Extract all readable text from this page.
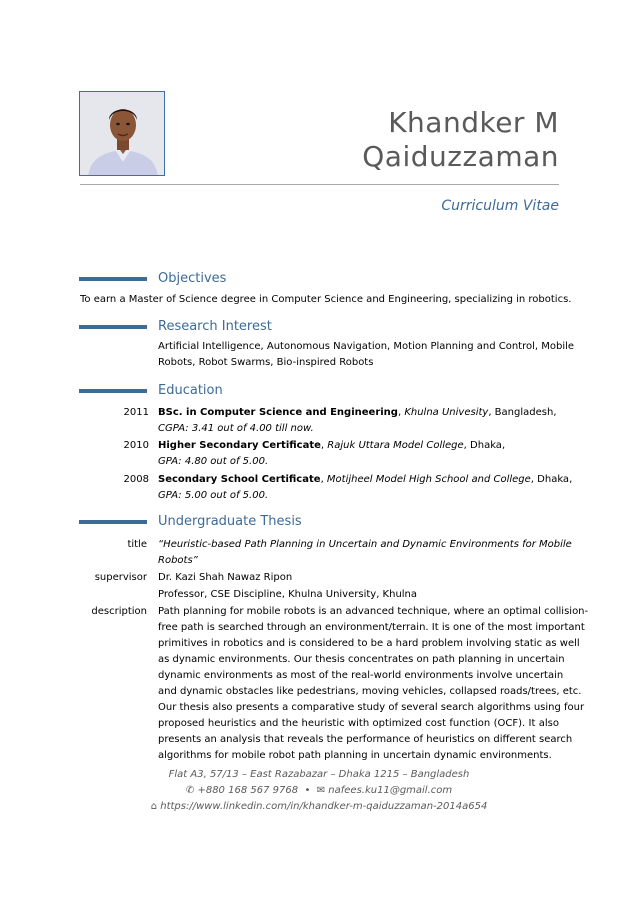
Khandker M
Qaiduzzaman
Curriculum Vitae
Objectives
To earn a Master of Science degree in Computer Science and Engineering, specializing in robotics.
Research Interest
Artificial Intelligence, Autonomous Navigation, Motion Planning and Control, Mobile
Robots, Robot Swarms, Bio-inspired Robots
Education
2011 BSc. in Computer Science and Engineering, Khulna Univesity, Bangladesh,
CGPA: 3.41 out of 4.00 till now.
2010 Higher Secondary Certificate, Rajuk Uttara Model College, Dhaka,
GPA: 4.80 out of 5.00.
2008 Secondary School Certificate, Motijheel Model High School and College, Dhaka,
GPA: 5.00 out of 5.00.
Undergraduate Thesis
title “Heuristic-based Path Planning in Uncertain and Dynamic Environments for Mobile
Robots”
supervisor Dr. Kazi Shah Nawaz Ripon
Professor, CSE Discipline, Khulna University, Khulna
description Path planning for mobile robots is an advanced technique, where an optimal collision-
free path is searched through an environment/terrain. It is one of the most important
primitives in robotics and is considered to be a hard problem involving static as well
as dynamic environments. Our thesis concentrates on path planning in uncertain
dynamic environments as most of the real-world environments involve uncertain
and dynamic obstacles like pedestrians, moving vehicles, collapsed roads/trees, etc.
Our thesis also presents a comparative study of several search algorithms using four
proposed heuristics and the heuristic with optimized cost function (OCF). It also
presents an analysis that reveals the performance of heuristics on different search
algorithms for mobile robot path planning in uncertain dynamic environments.
Flat A3, 57/13 – East Razabazar – Dhaka 1215 – Bangladesh
✆ +880 168 567 9768 • ✉ nafees.ku11@gmail.com
⌂ https://www.linkedin.com/in/khandker-m-qaiduzzaman-2014a654
